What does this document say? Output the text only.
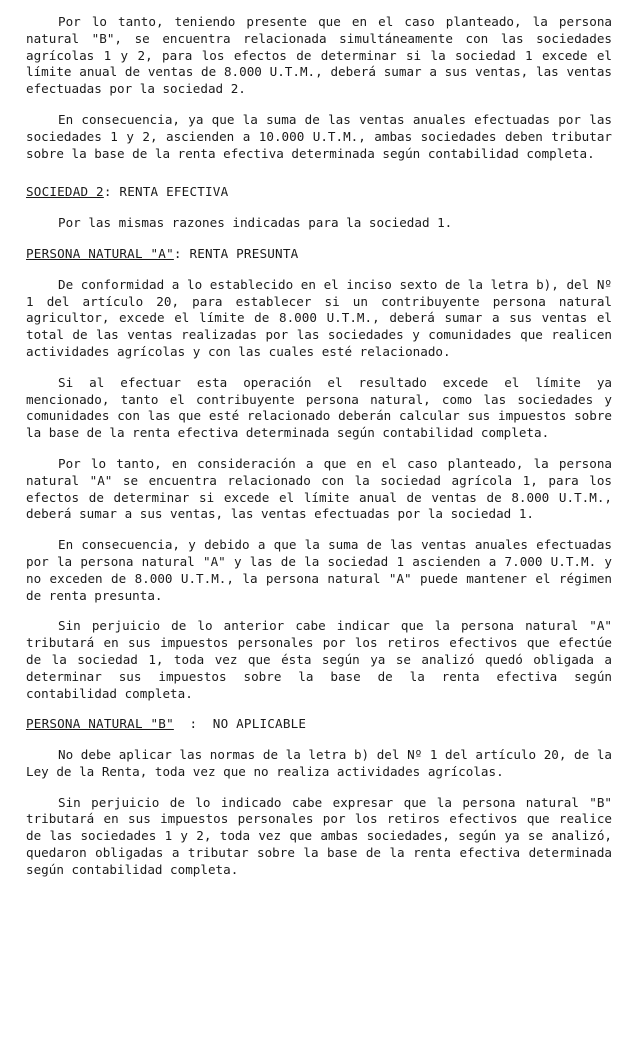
Por lo tanto, teniendo presente que en el caso planteado, la persona natural "B", se encuentra relacionada simultáneamente con las sociedades agrícolas 1 y 2, para los efectos de determinar si la sociedad 1 excede el límite anual de ventas de 8.000 U.T.M., deberá sumar a sus ventas, las ventas efectuadas por la sociedad 2.

En consecuencia, ya que la suma de las ventas anuales efectuadas por las sociedades 1 y 2, ascienden a 10.000 U.T.M., ambas sociedades deben tributar sobre la base de la renta efectiva determinada según contabilidad completa.

SOCIEDAD 2: RENTA EFECTIVA

Por las mismas razones indicadas para la sociedad 1.

PERSONA NATURAL "A": RENTA PRESUNTA

De conformidad a lo establecido en el inciso sexto de la letra b), del Nº 1 del artículo 20, para establecer si un contribuyente persona natural agricultor, excede el límite de 8.000 U.T.M., deberá sumar a sus ventas el total de las ventas realizadas por las sociedades y comunidades que realicen actividades agrícolas y con las cuales esté relacionado.

Si al efectuar esta operación el resultado excede el límite ya mencionado, tanto el contribuyente persona natural, como las sociedades y comunidades con las que esté relacionado deberán calcular sus impuestos sobre la base de la renta efectiva determinada según contabilidad completa.

Por lo tanto, en consideración a que en el caso planteado, la persona natural "A" se encuentra relacionado con la sociedad agrícola 1, para los efectos de determinar si excede el límite anual de ventas de 8.000 U.T.M., deberá sumar a sus ventas, las ventas efectuadas por la sociedad 1.

En consecuencia, y debido a que la suma de las ventas anuales efectuadas por la persona natural "A" y las de la sociedad 1 ascienden a 7.000 U.T.M. y no exceden de 8.000 U.T.M., la persona natural "A" puede mantener el régimen de renta presunta.

Sin perjuicio de lo anterior cabe indicar que la persona natural "A" tributará en sus impuestos personales por los retiros efectivos que efectúe de la sociedad 1, toda vez que ésta según ya se analizó quedó obligada a determinar sus impuestos sobre la base de la renta efectiva según contabilidad completa.

PERSONA NATURAL "B"  :  NO APLICABLE

No debe aplicar las normas de la letra b) del Nº 1 del artículo 20, de la Ley de la Renta, toda vez que no realiza actividades agrícolas.

Sin perjuicio de lo indicado cabe expresar que la persona natural "B" tributará en sus impuestos personales por los retiros efectivos que realice de las sociedades 1 y 2, toda vez que ambas sociedades, según ya se analizó, quedaron obligadas a tributar sobre la base de la renta efectiva determinada según contabilidad completa.
